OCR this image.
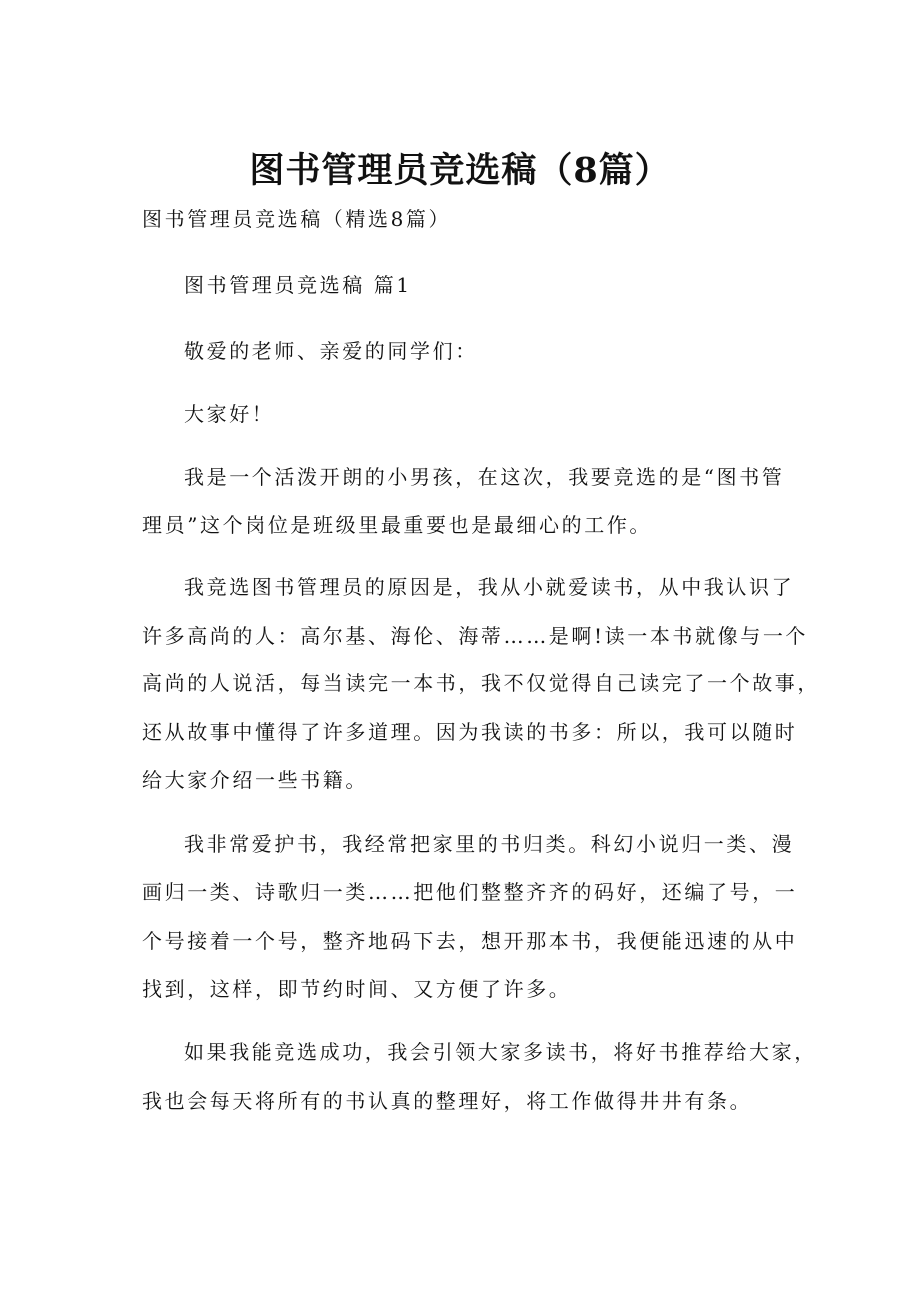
图书管理员竞选稿（8篇）
图书管理员竞选稿（精选8篇）
图书管理员竞选稿 篇1
敬爱的老师、亲爱的同学们：
大家好！
我是一个活泼开朗的小男孩，在这次，我要竞选的是“图书管
理员”这个岗位是班级里最重要也是最细心的工作。
我竞选图书管理员的原因是，我从小就爱读书，从中我认识了
许多高尚的人：高尔基、海伦、海蒂……是啊!读一本书就像与一个
高尚的人说活，每当读完一本书，我不仅觉得自己读完了一个故事，
还从故事中懂得了许多道理。因为我读的书多：所以，我可以随时
给大家介绍一些书籍。
我非常爱护书，我经常把家里的书归类。科幻小说归一类、漫
画归一类、诗歌归一类……把他们整整齐齐的码好，还编了号，一
个号接着一个号，整齐地码下去，想开那本书，我便能迅速的从中
找到，这样，即节约时间、又方便了许多。
如果我能竞选成功，我会引领大家多读书，将好书推荐给大家，
我也会每天将所有的书认真的整理好，将工作做得井井有条。
